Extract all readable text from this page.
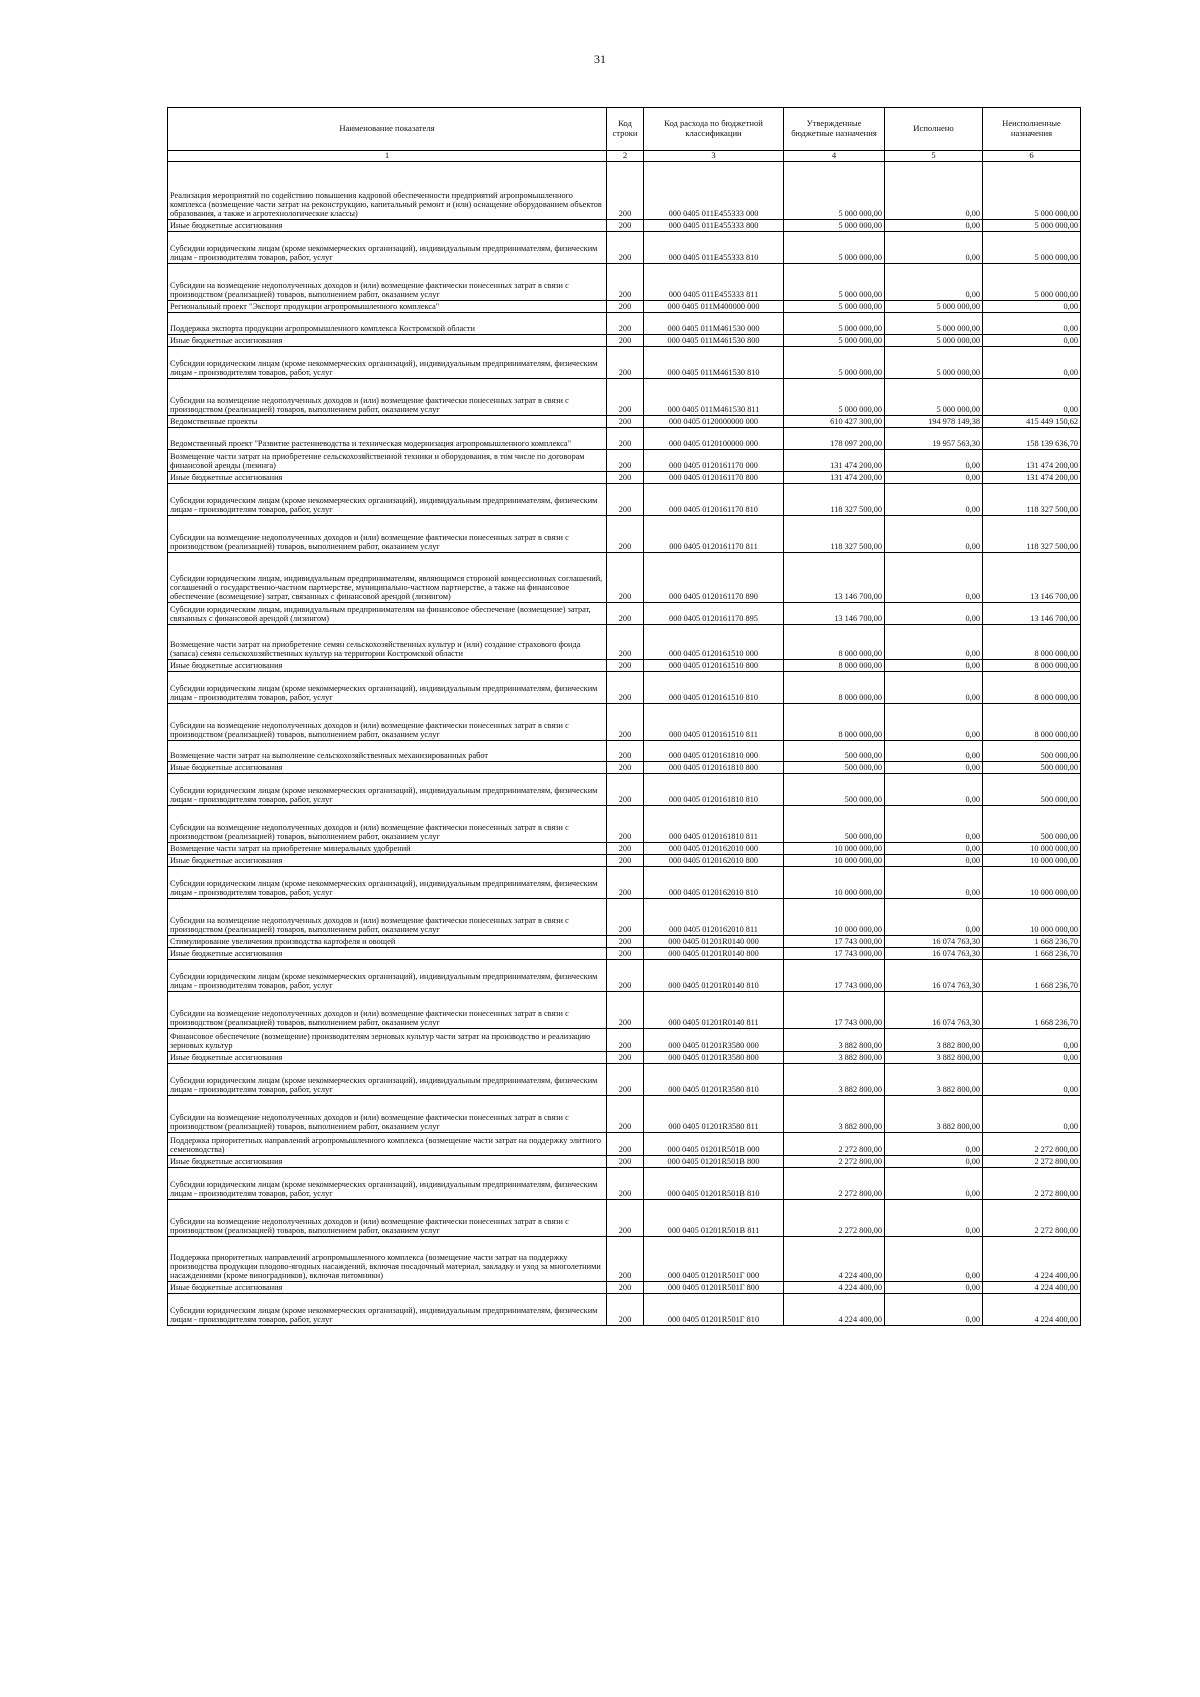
31
Наименование показателя	Код строки	Код расхода по бюджетной классификации	Утвержденные бюджетные назначения	Исполнено	Неисполненные назначения
1	2	3	4	5	6
Реализация мероприятий по содействию повышения кадровой обеспеченности предприятий агропромышленного комплекса (возмещение части затрат на реконструкцию, капитальный ремонт и (или) оснащение оборудованием объектов образования, а также и агротехнологические классы)	200	000 0405 011Е455333 000	5 000 000,00	0,00	5 000 000,00
Иные бюджетные ассигнования	200	000 0405 011Е455333 800	5 000 000,00	0,00	5 000 000,00
Субсидии юридическим лицам (кроме некоммерческих организаций), индивидуальным предпринимателям, физическим лицам - производителям товаров, работ, услуг	200	000 0405 011Е455333 810	5 000 000,00	0,00	5 000 000,00
Субсидии на возмещение недополученных доходов и (или) возмещение фактически понесенных затрат в связи с производством (реализацией) товаров, выполнением работ, оказанием услуг	200	000 0405 011Е455333 811	5 000 000,00	0,00	5 000 000,00
Региональный проект "Экспорт продукции агропромышленного комплекса"	200	000 0405 011М400000 000	5 000 000,00	5 000 000,00	0,00
Поддержка экспорта продукции агропромышленного комплекса Костромской области	200	000 0405 011М461530 000	5 000 000,00	5 000 000,00	0,00
Иные бюджетные ассигнования	200	000 0405 011М461530 800	5 000 000,00	5 000 000,00	0,00
Субсидии юридическим лицам (кроме некоммерческих организаций), индивидуальным предпринимателям, физическим лицам - производителям товаров, работ, услуг	200	000 0405 011М461530 810	5 000 000,00	5 000 000,00	0,00
Субсидии на возмещение недополученных доходов и (или) возмещение фактически понесенных затрат в связи с производством (реализацией) товаров, выполнением работ, оказанием услуг	200	000 0405 011М461530 811	5 000 000,00	5 000 000,00	0,00
Ведомственные проекты	200	000 0405 0120000000 000	610 427 300,00	194 978 149,38	415 449 150,62
Ведомственный проект "Развитие растениеводства и техническая модернизация агропромышленного комплекса"	200	000 0405 0120100000 000	178 097 200,00	19 957 563,30	158 139 636,70
Возмещение части затрат на приобретение сельскохозяйственной техники и оборудования, в том числе по договорам финансовой аренды (лизинга)	200	000 0405 0120161170 000	131 474 200,00	0,00	131 474 200,00
Иные бюджетные ассигнования	200	000 0405 0120161170 800	131 474 200,00	0,00	131 474 200,00
Субсидии юридическим лицам (кроме некоммерческих организаций), индивидуальным предпринимателям, физическим лицам - производителям товаров, работ, услуг	200	000 0405 0120161170 810	118 327 500,00	0,00	118 327 500,00
Субсидии на возмещение недополученных доходов и (или) возмещение фактически понесенных затрат в связи с производством (реализацией) товаров, выполнением работ, оказанием услуг	200	000 0405 0120161170 811	118 327 500,00	0,00	118 327 500,00
Субсидии юридическим лицам, индивидуальным предпринимателям, являющимся стороной концессионных соглашений, соглашений о государственно-частном партнерстве, муниципально-частном партнерстве, а также на финансовое обеспечение (возмещение) затрат, связанных с финансовой арендой (лизингом)	200	000 0405 0120161170 890	13 146 700,00	0,00	13 146 700,00
Субсидии юридическим лицам, индивидуальным предпринимателям на финансовое обеспечение (возмещение) затрат, связанных с финансовой арендой (лизингом)	200	000 0405 0120161170 895	13 146 700,00	0,00	13 146 700,00
Возмещение части затрат на приобретение семян сельскохозяйственных культур и (или) создание страхового фонда (запаса) семян сельскохозяйственных культур на территории Костромской области	200	000 0405 0120161510 000	8 000 000,00	0,00	8 000 000,00
Иные бюджетные ассигнования	200	000 0405 0120161510 800	8 000 000,00	0,00	8 000 000,00
Субсидии юридическим лицам (кроме некоммерческих организаций), индивидуальным предпринимателям, физическим лицам - производителям товаров, работ, услуг	200	000 0405 0120161510 810	8 000 000,00	0,00	8 000 000,00
Субсидии на возмещение недополученных доходов и (или) возмещение фактически понесенных затрат в связи с производством (реализацией) товаров, выполнением работ, оказанием услуг	200	000 0405 0120161510 811	8 000 000,00	0,00	8 000 000,00
Возмещение части затрат на выполнение сельскохозяйственных механизированных работ	200	000 0405 0120161810 000	500 000,00	0,00	500 000,00
Иные бюджетные ассигнования	200	000 0405 0120161810 800	500 000,00	0,00	500 000,00
Субсидии юридическим лицам (кроме некоммерческих организаций), индивидуальным предпринимателям, физическим лицам - производителям товаров, работ, услуг	200	000 0405 0120161810 810	500 000,00	0,00	500 000,00
Субсидии на возмещение недополученных доходов и (или) возмещение фактически понесенных затрат в связи с производством (реализацией) товаров, выполнением работ, оказанием услуг	200	000 0405 0120161810 811	500 000,00	0,00	500 000,00
Возмещение части затрат на приобретение минеральных удобрений	200	000 0405 0120162010 000	10 000 000,00	0,00	10 000 000,00
Иные бюджетные ассигнования	200	000 0405 0120162010 800	10 000 000,00	0,00	10 000 000,00
Субсидии юридическим лицам (кроме некоммерческих организаций), индивидуальным предпринимателям, физическим лицам - производителям товаров, работ, услуг	200	000 0405 0120162010 810	10 000 000,00	0,00	10 000 000,00
Субсидии на возмещение недополученных доходов и (или) возмещение фактически понесенных затрат в связи с производством (реализацией) товаров, выполнением работ, оказанием услуг	200	000 0405 0120162010 811	10 000 000,00	0,00	10 000 000,00
Стимулирование увеличения производства картофеля и овощей	200	000 0405 01201R0140 000	17 743 000,00	16 074 763,30	1 668 236,70
Иные бюджетные ассигнования	200	000 0405 01201R0140 800	17 743 000,00	16 074 763,30	1 668 236,70
Субсидии юридическим лицам (кроме некоммерческих организаций), индивидуальным предпринимателям, физическим лицам - производителям товаров, работ, услуг	200	000 0405 01201R0140 810	17 743 000,00	16 074 763,30	1 668 236,70
Субсидии на возмещение недополученных доходов и (или) возмещение фактически понесенных затрат в связи с производством (реализацией) товаров, выполнением работ, оказанием услуг	200	000 0405 01201R0140 811	17 743 000,00	16 074 763,30	1 668 236,70
Финансовое обеспечение (возмещение) производителям зерновых культур части затрат на производство и реализацию зерновых культур	200	000 0405 01201R3580 000	3 882 800,00	3 882 800,00	0,00
Иные бюджетные ассигнования	200	000 0405 01201R3580 800	3 882 800,00	3 882 800,00	0,00
Субсидии юридическим лицам (кроме некоммерческих организаций), индивидуальным предпринимателям, физическим лицам - производителям товаров, работ, услуг	200	000 0405 01201R3580 810	3 882 800,00	3 882 800,00	0,00
Субсидии на возмещение недополученных доходов и (или) возмещение фактически понесенных затрат в связи с производством (реализацией) товаров, выполнением работ, оказанием услуг	200	000 0405 01201R3580 811	3 882 800,00	3 882 800,00	0,00
Поддержка приоритетных направлений агропромышленного комплекса (возмещение части затрат на поддержку элитного семеноводства)	200	000 0405 01201R501В 000	2 272 800,00	0,00	2 272 800,00
Иные бюджетные ассигнования	200	000 0405 01201R501В 800	2 272 800,00	0,00	2 272 800,00
Субсидии юридическим лицам (кроме некоммерческих организаций), индивидуальным предпринимателям, физическим лицам - производителям товаров, работ, услуг	200	000 0405 01201R501В 810	2 272 800,00	0,00	2 272 800,00
Субсидии на возмещение недополученных доходов и (или) возмещение фактически понесенных затрат в связи с производством (реализацией) товаров, выполнением работ, оказанием услуг	200	000 0405 01201R501В 811	2 272 800,00	0,00	2 272 800,00
Поддержка приоритетных направлений агропромышленного комплекса (возмещение части затрат на поддержку производства продукции плодово-ягодных насаждений, включая посадочный материал, закладку и уход за многолетними насаждениями (кроме виноградников), включая питомники)	200	000 0405 01201R501Г 000	4 224 400,00	0,00	4 224 400,00
Иные бюджетные ассигнования	200	000 0405 01201R501Г 800	4 224 400,00	0,00	4 224 400,00
Субсидии юридическим лицам (кроме некоммерческих организаций), индивидуальным предпринимателям, физическим лицам - производителям товаров, работ, услуг	200	000 0405 01201R501Г 810	4 224 400,00	0,00	4 224 400,00
